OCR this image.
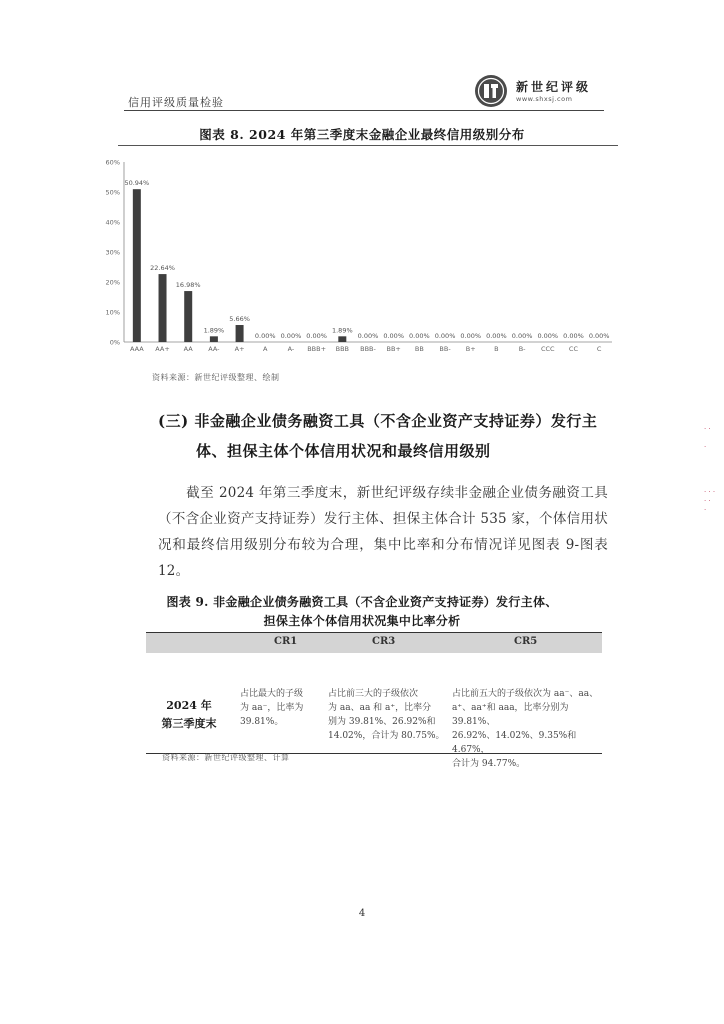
信用评级质量检验
新世纪评级
www.shxsj.com
图表 8. 2024 年第三季度末金融企业最终信用级别分布
0%
10%
20%
30%
40%
50%
60%
50.94%
AAA
22.64%
AA+
16.98%
AA
1.89%
AA-
5.66%
A+
0.00%
A
0.00%
A-
0.00%
BBB+
1.89%
BBB
0.00%
BBB-
0.00%
BB+
0.00%
BB
0.00%
BB-
0.00%
B+
0.00%
B
0.00%
B-
0.00%
CCC
0.00%
CC
0.00%
C
资料来源：新世纪评级整理、绘制
(三) 非金融企业债务融资工具（不含企业资产支持证券）发行主
体、担保主体个体信用状况和最终信用级别
截至 2024 年第三季度末，新世纪评级存续非金融企业债务融资工具（不含企业资产支持证券）发行主体、担保主体合计 535 家，个体信用状况和最终信用级别分布较为合理，集中比率和分布情况详见图表 9-图表 12。
图表 9. 非金融企业债务融资工具（不含企业资产支持证券）发行主体、
担保主体个体信用状况集中比率分析
CR1	CR3	CR5
2024 年
第三季度末
占比最大的子级
为 aa⁻，比率为
39.81%。
占比前三大的子级依次
为 aa、aa 和 a⁺，比率分
别为 39.81%、26.92%和
14.02%，合计为 80.75%。
占比前五大的子级依次为 aa⁻、aa、
a⁺、aa⁺和 aaa，比率分别为 39.81%、
26.92%、14.02%、9.35%和 4.67%，
合计为 94.77%。
资料来源：新世纪评级整理、计算
4
· ·

·

· · ·
· ·
·
